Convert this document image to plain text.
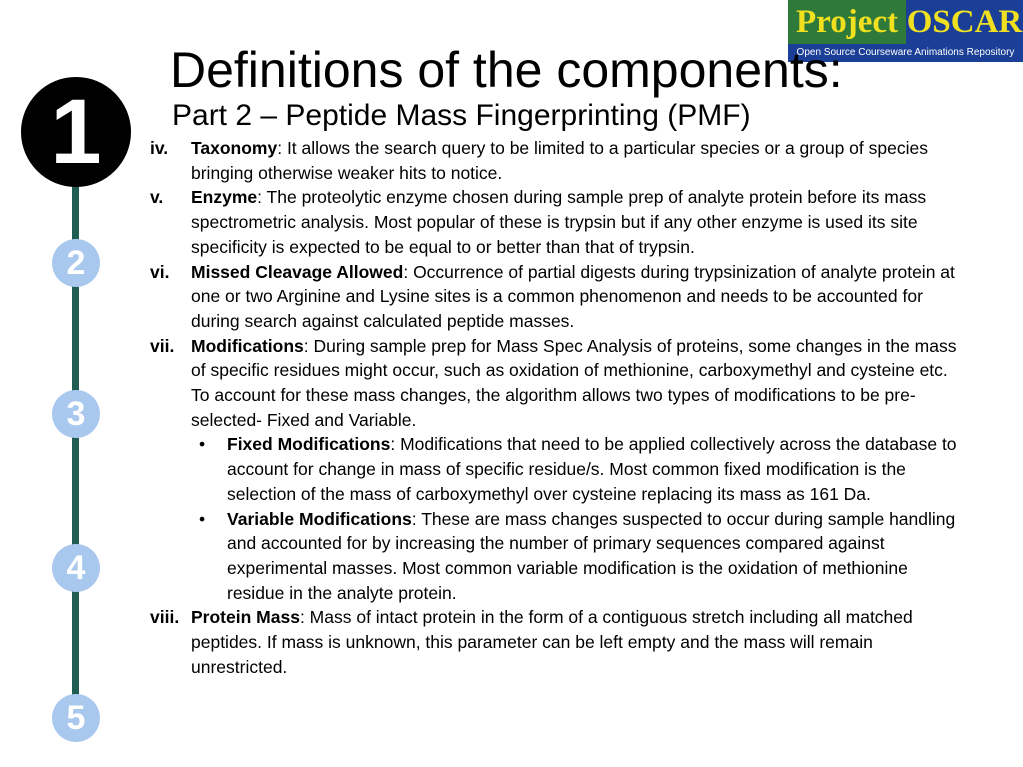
Project OSCAR
Open Source Courseware Animations Repository
Definitions of the components:
Part 2 – Peptide Mass Fingerprinting (PMF)
1
2
3
4
5
iv. Taxonomy: It allows the search query to be limited to a particular species or a group of species bringing otherwise weaker hits to notice.
v. Enzyme: The proteolytic enzyme chosen during sample prep of analyte protein before its mass spectrometric analysis. Most popular of these is trypsin but if any other enzyme is used its site specificity is expected to be equal to or better than that of trypsin.
vi. Missed Cleavage Allowed: Occurrence of partial digests during trypsinization of analyte protein at one or two Arginine and Lysine sites is a common phenomenon and needs to be accounted for during search against calculated peptide masses.
vii. Modifications: During sample prep for Mass Spec Analysis of proteins, some changes in the mass of specific residues might occur, such as oxidation of methionine, carboxymethyl and cysteine etc. To account for these mass changes, the algorithm allows two types of modifications to be pre-selected- Fixed and Variable.
• Fixed Modifications: Modifications that need to be applied collectively across the database to account for change in mass of specific residue/s. Most common fixed modification is the selection of the mass of carboxymethyl over cysteine replacing its mass as 161 Da.
• Variable Modifications: These are mass changes suspected to occur during sample handling and accounted for by increasing the number of primary sequences compared against experimental masses. Most common variable modification is the oxidation of methionine residue in the analyte protein.
viii. Protein Mass: Mass of intact protein in the form of a contiguous stretch including all matched peptides. If mass is unknown, this parameter can be left empty and the mass will remain unrestricted.
